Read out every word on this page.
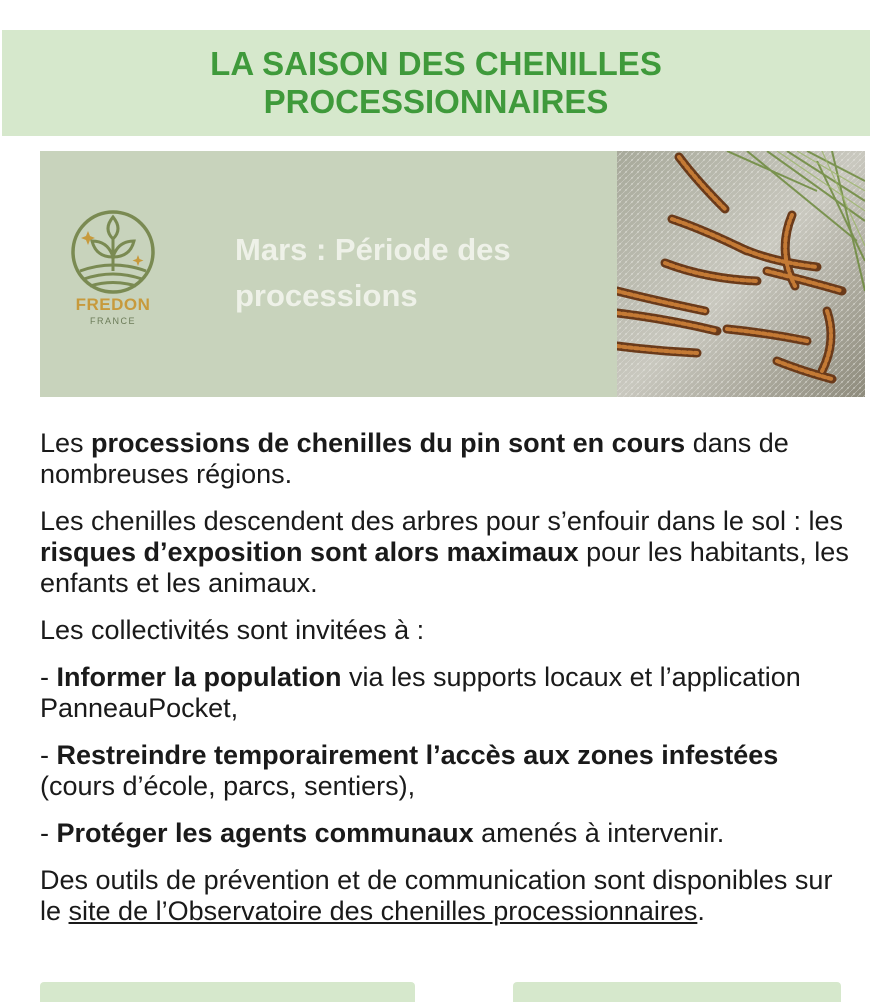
LA SAISON DES CHENILLES
PROCESSIONNAIRES
FREDON
FRANCE
Mars : Période des
processions

Les processions de chenilles du pin sont en cours dans de nombreuses régions.

Les chenilles descendent des arbres pour s’enfouir dans le sol : les risques d’exposition sont alors maximaux pour les habitants, les enfants et les animaux.

Les collectivités sont invitées à :

- Informer la population via les supports locaux et l’application PanneauPocket,

- Restreindre temporairement l’accès aux zones infestées (cours d’école, parcs, sentiers),

- Protéger les agents communaux amenés à intervenir.

Des outils de prévention et de communication sont disponibles sur le site de l’Observatoire des chenilles processionnaires.
